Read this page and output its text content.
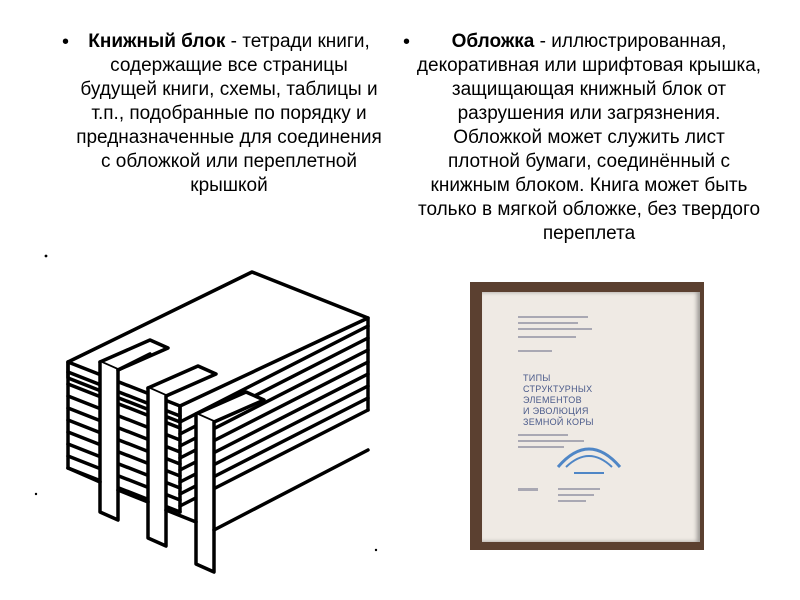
• Книжный блок - тетради книги, содержащие все страницы будущей книги, схемы, таблицы и т.п., подобранные по порядку и предназначенные для соединения с обложкой или переплетной крышкой
• Обложка - иллюстрированная, декоративная или шрифтовая крышка, защищающая книжный блок от разрушения или загрязнения. Обложкой может служить лист плотной бумаги, соединённый с книжным блоком. Книга может быть только в мягкой обложке, без твердого переплета
ТИПЫ
СТРУКТУРНЫХ
ЭЛЕМЕНТОВ
И ЭВОЛЮЦИЯ
ЗЕМНОЙ КОРЫ
